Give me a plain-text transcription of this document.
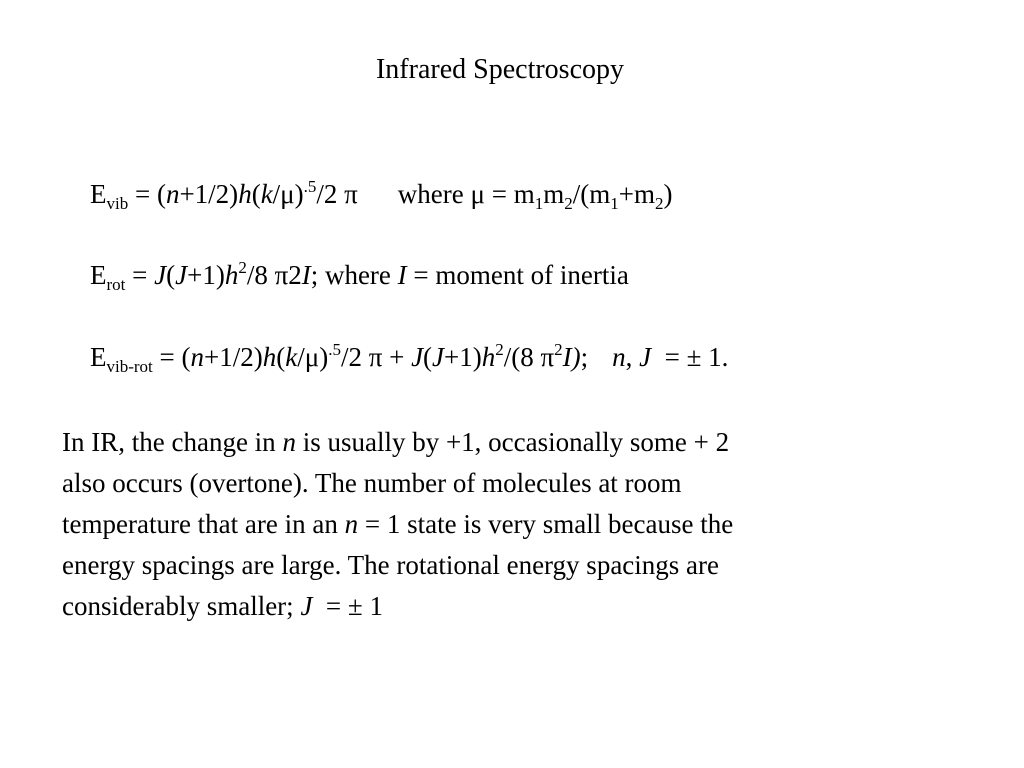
Infrared Spectroscopy
$E_{vib} = (n+1/2)h(k/\mu)^{.5}/2$ π where $\mu = m_1m_2/(m_1+m_2)$
$E_{rot} = J(J+1)h^2/8$ π2I; where I = moment of inertia
$E_{vib-rot} = (n+1/2)h(k/\mu)^{.5}/2$ $\pi + J(J+1)h^2/(8$ $\pi^2I$); n, J  = ± 1.
In IR, the change in n is usually by +1, occasionally some + 2
also occurs (overtone). The number of molecules at room
temperature that are in an n = 1 state is very small because the
energy spacings are large. The rotational energy spacings are
considerably smaller; J  = ± 1
